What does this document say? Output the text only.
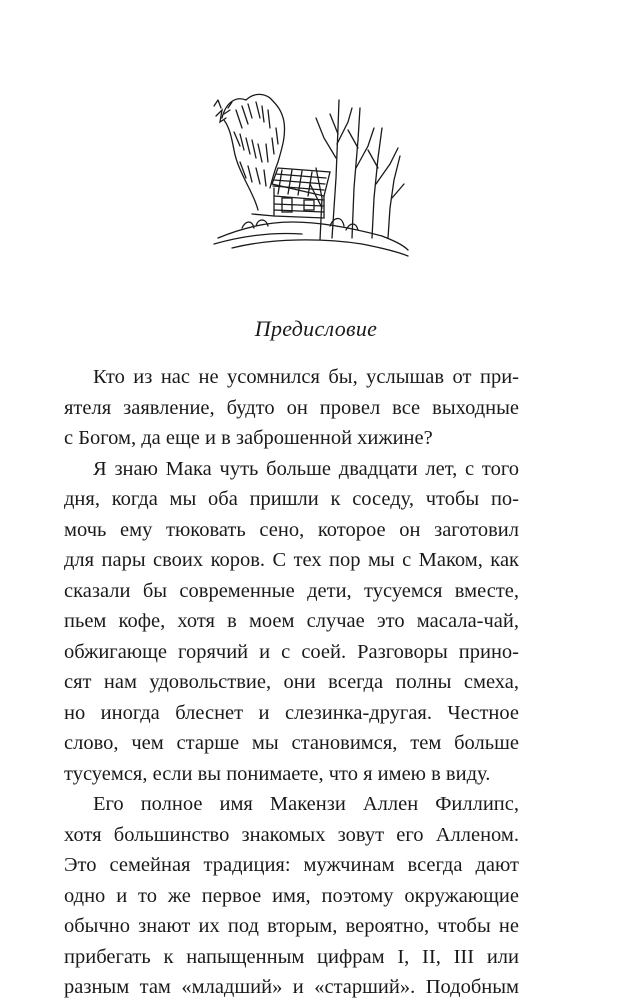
Предисловие
Кто из нас не усомнился бы, услышав от при-
ятеля заявление, будто он провел все выходные
с Богом, да еще и в заброшенной хижине?
Я знаю Мака чуть больше двадцати лет, с того
дня, когда мы оба пришли к соседу, чтобы по-
мочь ему тюковать сено, которое он заготовил
для пары своих коров. С тех пор мы с Маком, как
сказали бы современные дети, тусуемся вместе,
пьем кофе, хотя в моем случае это масала-чай,
обжигающе горячий и с соей. Разговоры прино-
сят нам удовольствие, они всегда полны смеха,
но иногда блеснет и слезинка-другая. Честное
слово, чем старше мы становимся, тем больше
тусуемся, если вы понимаете, что я имею в виду.
Его полное имя Макензи Аллен Филлипс,
хотя большинство знакомых зовут его Алленом.
Это семейная традиция: мужчинам всегда дают
одно и то же первое имя, поэтому окружающие
обычно знают их под вторым, вероятно, чтобы не
прибегать к напыщенным цифрам I, II, III или
разным там «младший» и «старший». Подобным
